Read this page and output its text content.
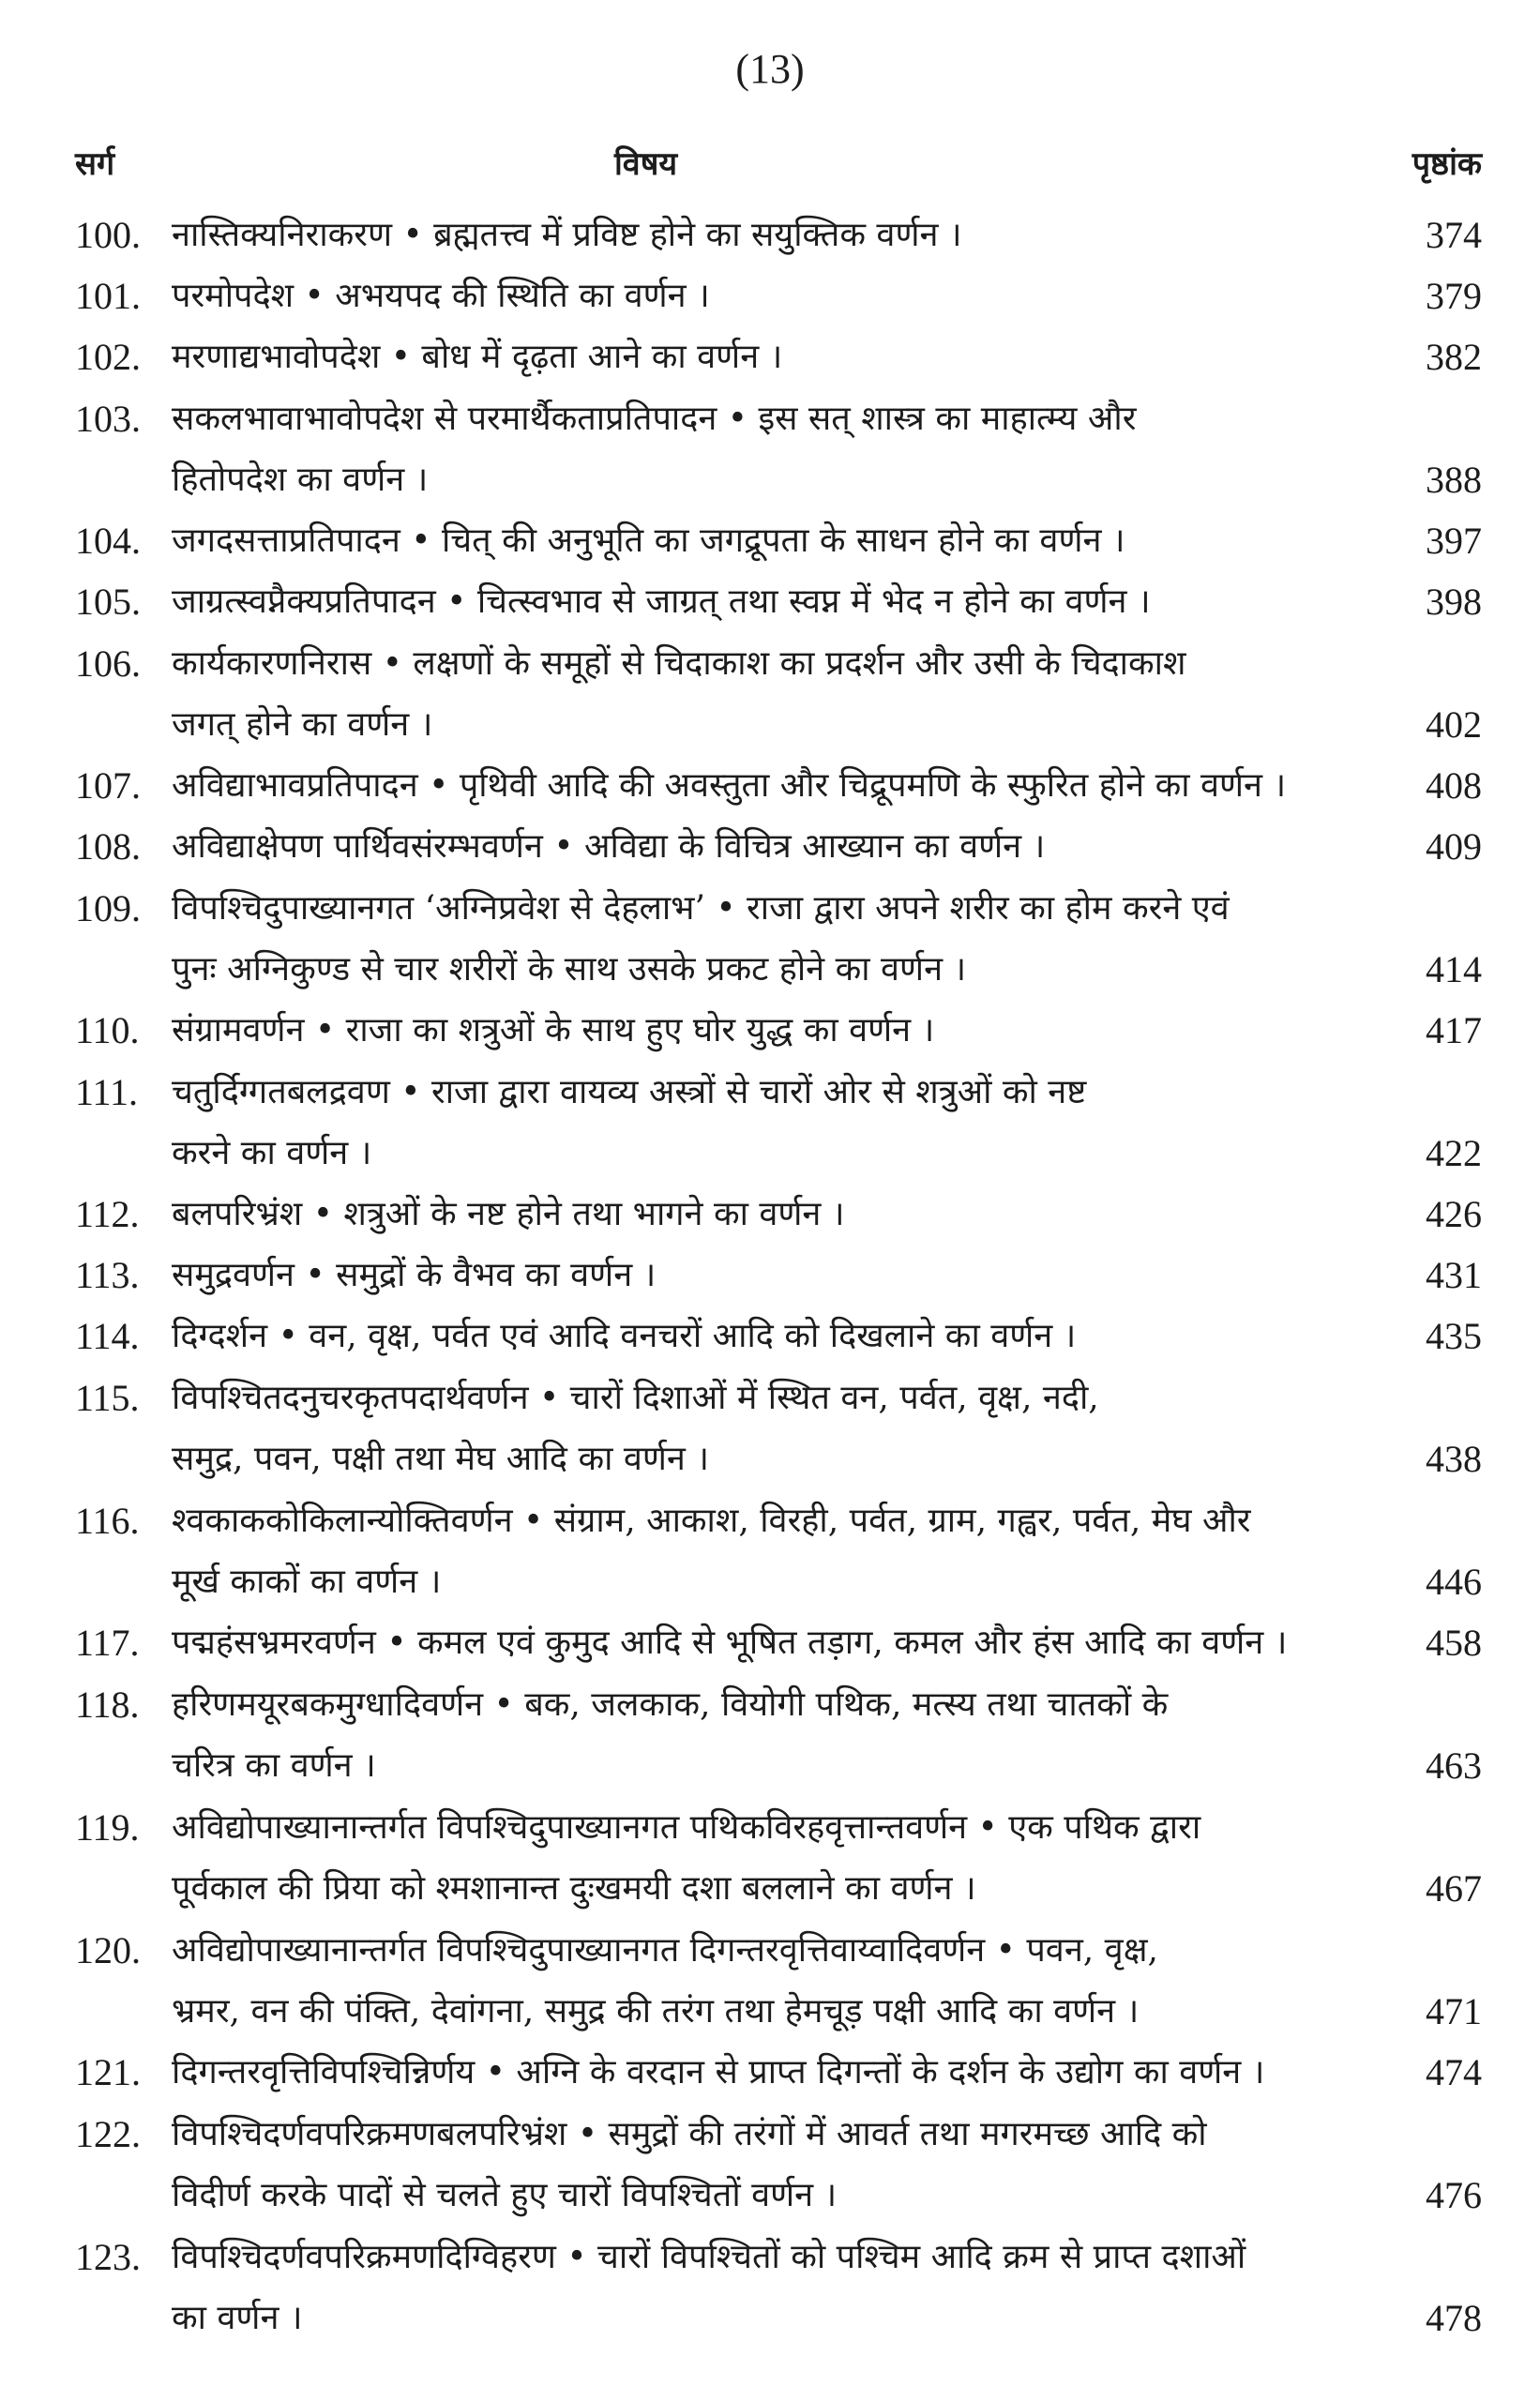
(13)
सर्ग	विषय	पृष्ठांक
100. नास्तिक्यनिराकरण • ब्रह्मतत्त्व में प्रविष्ट होने का सयुक्तिक वर्णन ।	374
101. परमोपदेश • अभयपद की स्थिति का वर्णन ।	379
102. मरणाद्यभावोपदेश • बोध में दृढ़ता आने का वर्णन ।	382
103. सकलभावाभावोपदेश से परमार्थैकताप्रतिपादन • इस सत् शास्त्र का माहात्म्य और
हितोपदेश का वर्णन ।	388
104. जगदसत्ताप्रतिपादन • चित् की अनुभूति का जगद्रूपता के साधन होने का वर्णन ।	397
105. जाग्रत्स्वप्नैक्यप्रतिपादन • चित्स्वभाव से जाग्रत् तथा स्वप्न में भेद न होने का वर्णन ।	398
106. कार्यकारणनिरास • लक्षणों के समूहों से चिदाकाश का प्रदर्शन और उसी के चिदाकाश
जगत् होने का वर्णन ।	402
107. अविद्याभावप्रतिपादन • पृथिवी आदि की अवस्तुता और चिद्रूपमणि के स्फुरित होने का वर्णन ।	408
108. अविद्याक्षेपण पार्थिवसंरम्भवर्णन • अविद्या के विचित्र आख्यान का वर्णन ।	409
109. विपश्चिदुपाख्यानगत ‘अग्निप्रवेश से देहलाभ’ • राजा द्वारा अपने शरीर का होम करने एवं
पुनः अग्निकुण्ड से चार शरीरों के साथ उसके प्रकट होने का वर्णन ।	414
110. संग्रामवर्णन • राजा का शत्रुओं के साथ हुए घोर युद्ध का वर्णन ।	417
111. चतुर्दिग्गतबलद्रवण • राजा द्वारा वायव्य अस्त्रों से चारों ओर से शत्रुओं को नष्ट
करने का वर्णन ।	422
112. बलपरिभ्रंश • शत्रुओं के नष्ट होने तथा भागने का वर्णन ।	426
113. समुद्रवर्णन • समुद्रों के वैभव का वर्णन ।	431
114. दिग्दर्शन • वन, वृक्ष, पर्वत एवं आदि वनचरों आदि को दिखलाने का वर्णन ।	435
115. विपश्चितदनुचरकृतपदार्थवर्णन • चारों दिशाओं में स्थित वन, पर्वत, वृक्ष, नदी,
समुद्र, पवन, पक्षी तथा मेघ आदि का वर्णन ।	438
116. श्वकाककोकिलान्योक्तिवर्णन • संग्राम, आकाश, विरही, पर्वत, ग्राम, गह्वर, पर्वत, मेघ और
मूर्ख काकों का वर्णन ।	446
117. पद्महंसभ्रमरवर्णन • कमल एवं कुमुद आदि से भूषित तड़ाग, कमल और हंस आदि का वर्णन ।	458
118. हरिणमयूरबकमुग्धादिवर्णन • बक, जलकाक, वियोगी पथिक, मत्स्य तथा चातकों के
चरित्र का वर्णन ।	463
119. अविद्योपाख्यानान्तर्गत विपश्चिदुपाख्यानगत पथिकविरहवृत्तान्तवर्णन • एक पथिक द्वारा
पूर्वकाल की प्रिया को श्मशानान्त दुःखमयी दशा बललाने का वर्णन ।	467
120. अविद्योपाख्यानान्तर्गत विपश्चिदुपाख्यानगत दिगन्तरवृत्तिवाय्वादिवर्णन • पवन, वृक्ष,
भ्रमर, वन की पंक्ति, देवांगना, समुद्र की तरंग तथा हेमचूड़ पक्षी आदि का वर्णन ।	471
121. दिगन्तरवृत्तिविपश्चिन्निर्णय • अग्नि के वरदान से प्राप्त दिगन्तों के दर्शन के उद्योग का वर्णन ।	474
122. विपश्चिदर्णवपरिक्रमणबलपरिभ्रंश • समुद्रों की तरंगों में आवर्त तथा मगरमच्छ आदि को
विदीर्ण करके पादों से चलते हुए चारों विपश्चितों वर्णन ।	476
123. विपश्चिदर्णवपरिक्रमणदिग्विहरण • चारों विपश्चितों को पश्चिम आदि क्रम से प्राप्त दशाओं
का वर्णन ।	478
